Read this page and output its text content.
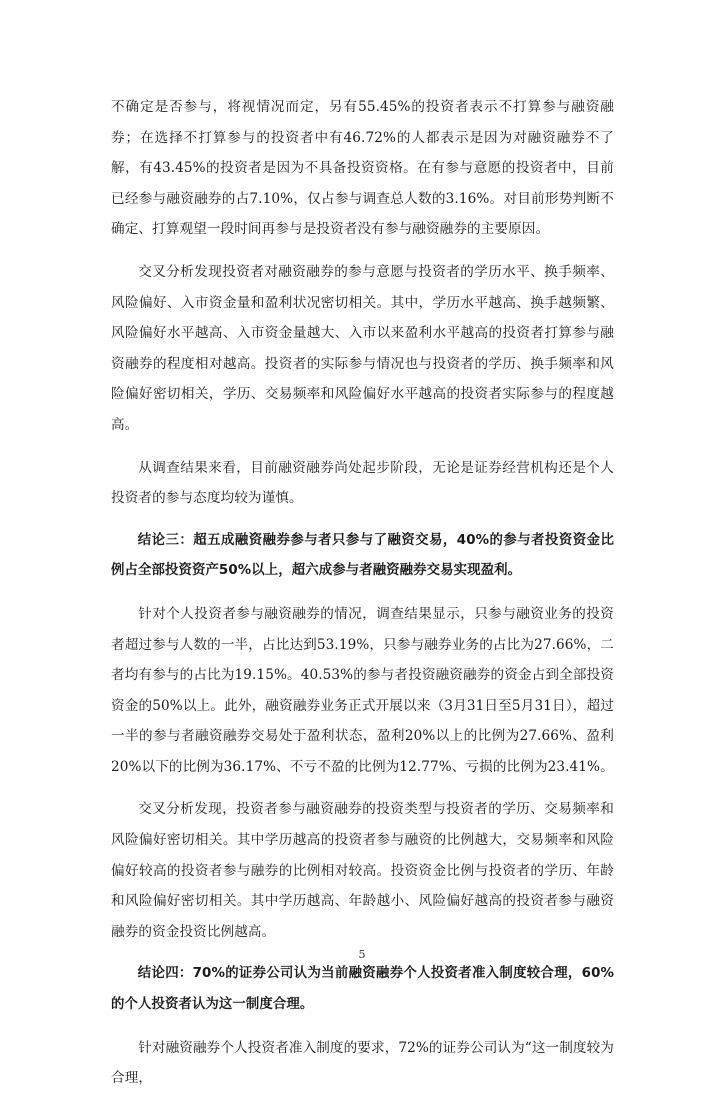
不确定是否参与，将视情况而定，另有55.45%的投资者表示不打算参与融资融券；在选择不打算参与的投资者中有46.72%的人都表示是因为对融资融券不了解，有43.45%的投资者是因为不具备投资资格。在有参与意愿的投资者中，目前已经参与融资融券的占7.10%，仅占参与调查总人数的3.16%。对目前形势判断不确定、打算观望一段时间再参与是投资者没有参与融资融券的主要原因。

交叉分析发现投资者对融资融券的参与意愿与投资者的学历水平、换手频率、风险偏好、入市资金量和盈利状况密切相关。其中，学历水平越高、换手越频繁、风险偏好水平越高、入市资金量越大、入市以来盈利水平越高的投资者打算参与融资融券的程度相对越高。投资者的实际参与情况也与投资者的学历、换手频率和风险偏好密切相关，学历、交易频率和风险偏好水平越高的投资者实际参与的程度越高。

从调查结果来看，目前融资融券尚处起步阶段，无论是证券经营机构还是个人投资者的参与态度均较为谨慎。

结论三：超五成融资融券参与者只参与了融资交易，40%的参与者投资资金比例占全部投资资产50%以上，超六成参与者融资融券交易实现盈利。

针对个人投资者参与融资融券的情况，调查结果显示，只参与融资业务的投资者超过参与人数的一半，占比达到53.19%，只参与融券业务的占比为27.66%，二者均有参与的占比为19.15%。40.53%的参与者投资融资融券的资金占到全部投资资金的50%以上。此外，融资融券业务正式开展以来（3月31日至5月31日），超过一半的参与者融资融券交易处于盈利状态，盈利20%以上的比例为27.66%、盈利20%以下的比例为36.17%、不亏不盈的比例为12.77%、亏损的比例为23.41%。

交叉分析发现，投资者参与融资融券的投资类型与投资者的学历、交易频率和风险偏好密切相关。其中学历越高的投资者参与融资的比例越大，交易频率和风险偏好较高的投资者参与融券的比例相对较高。投资资金比例与投资者的学历、年龄和风险偏好密切相关。其中学历越高、年龄越小、风险偏好越高的投资者参与融资融券的资金投资比例越高。

结论四：70%的证券公司认为当前融资融券个人投资者准入制度较合理，60%的个人投资者认为这一制度合理。

针对融资融券个人投资者准入制度的要求，72%的证券公司认为“这一制度较为合理，

5
